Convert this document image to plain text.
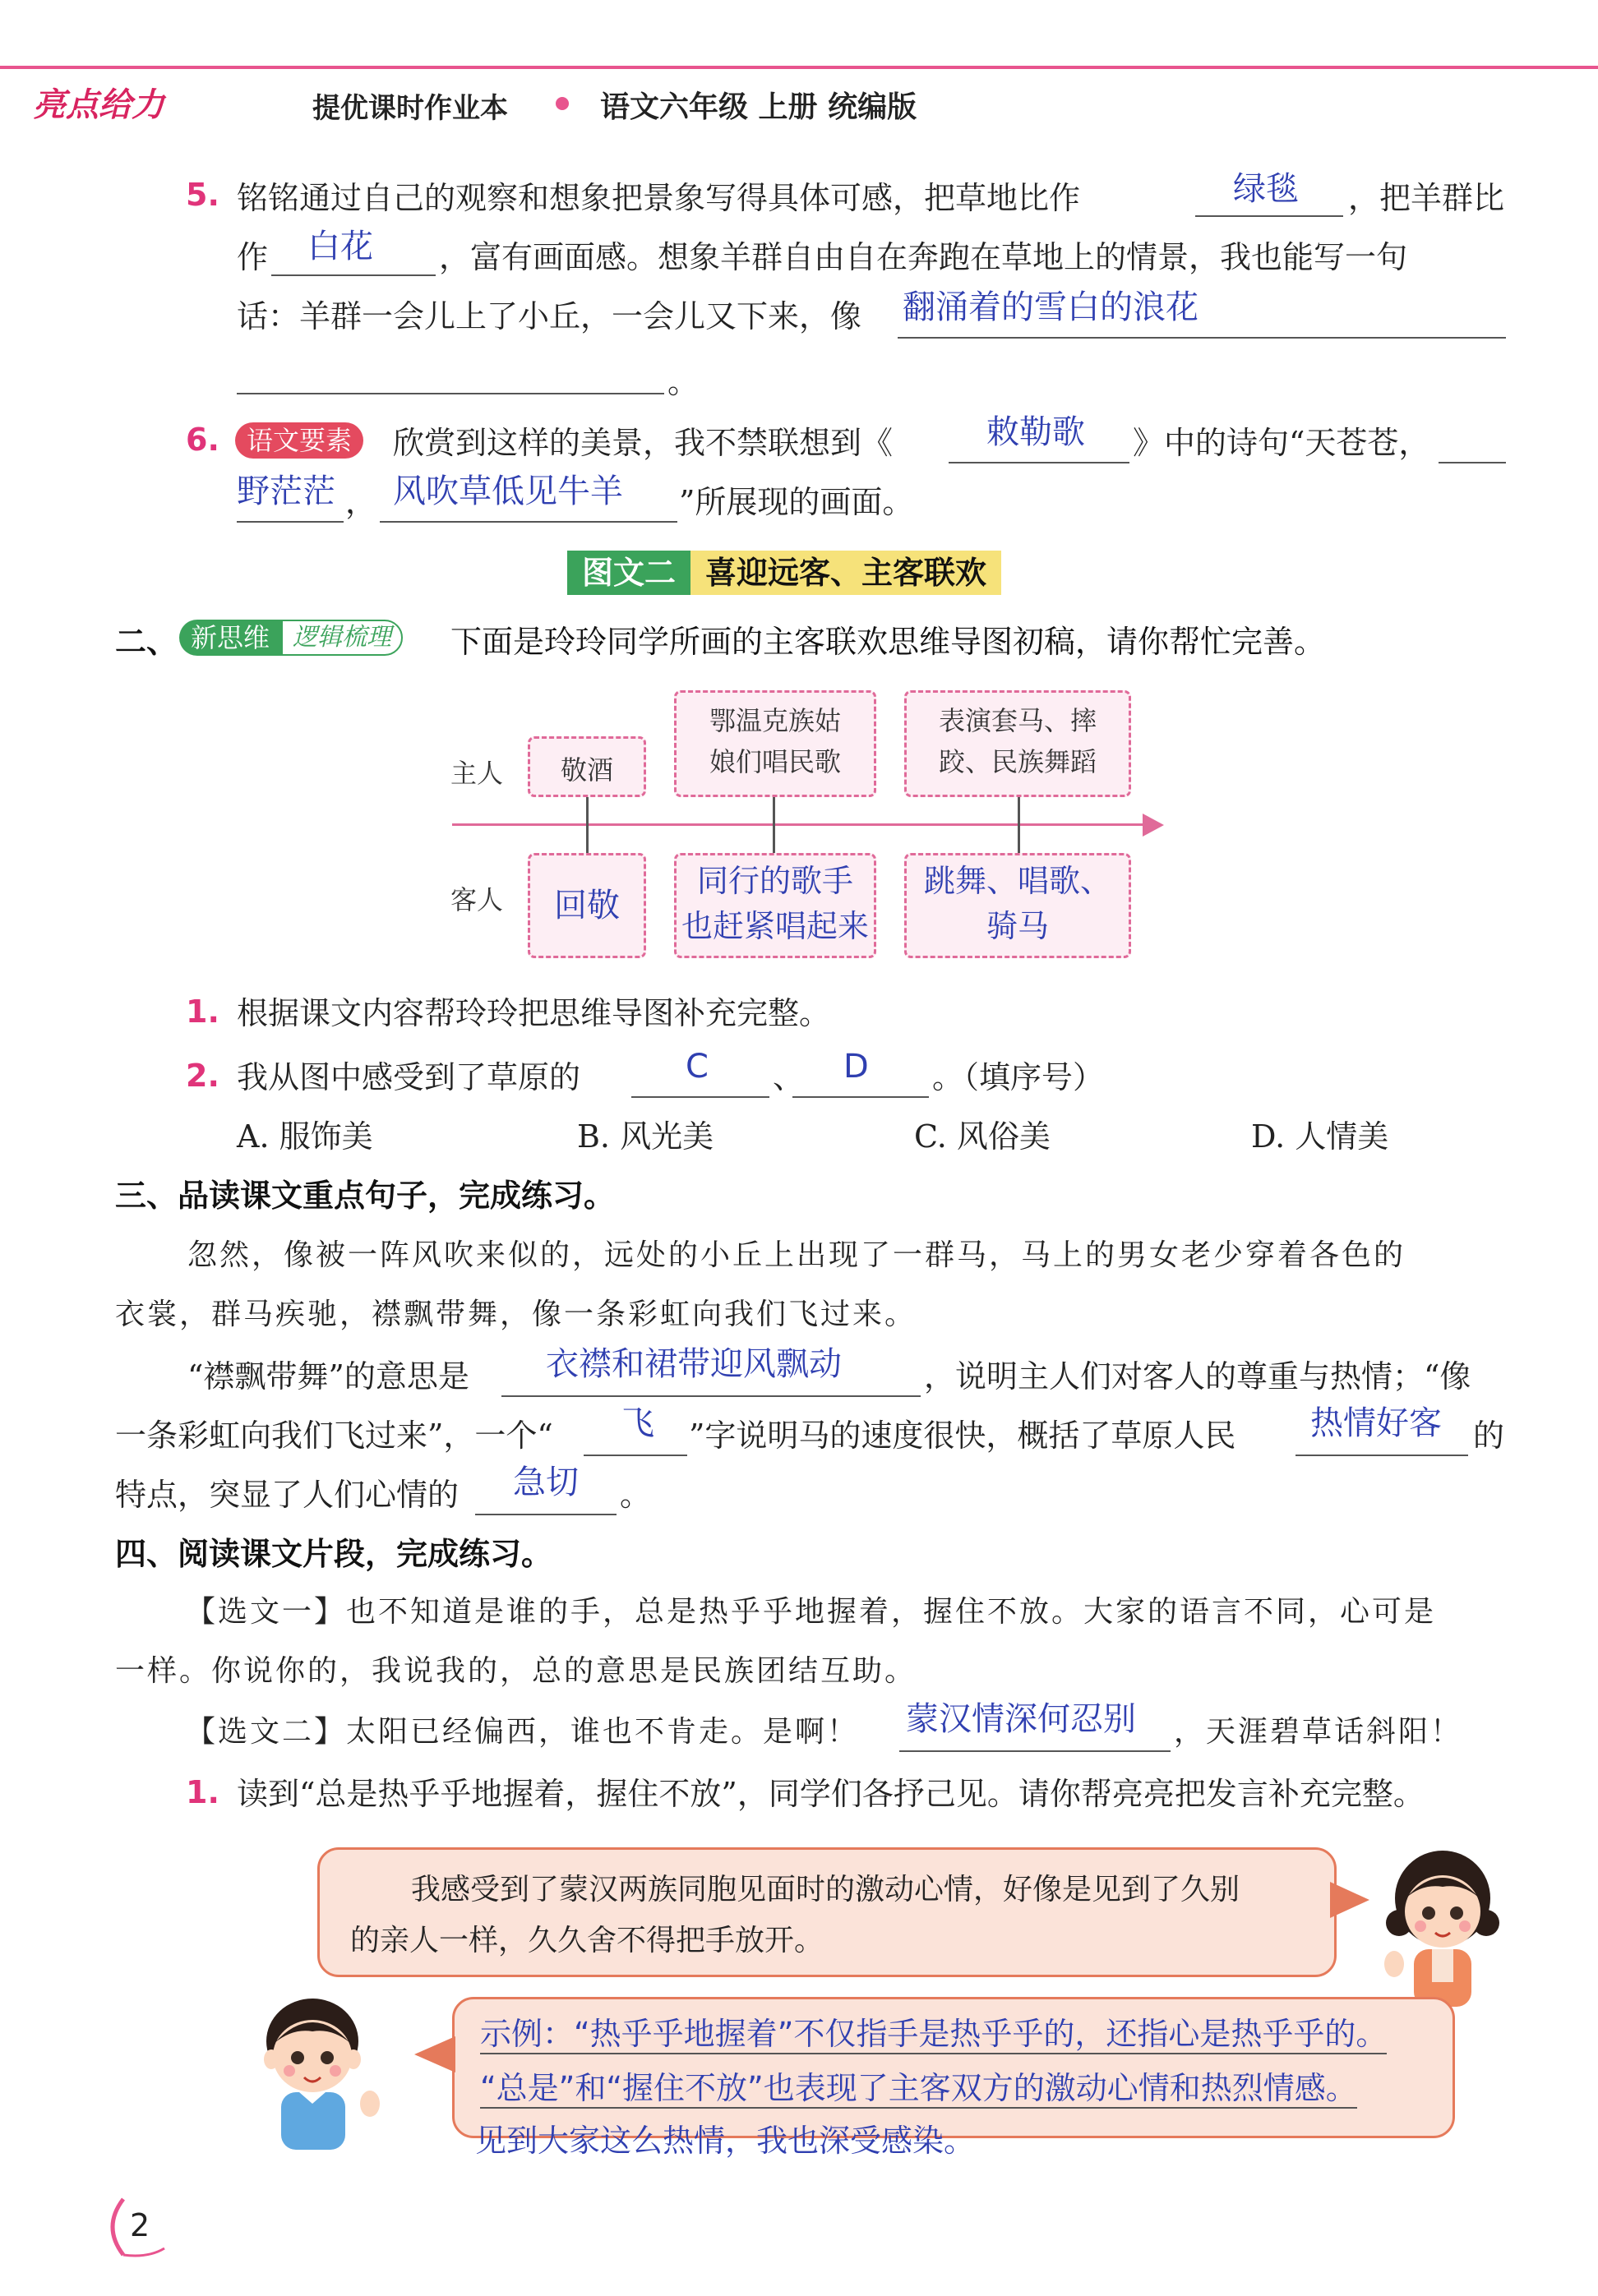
亮点给力	提优课时作业本	语文六年级 上册 统编版
5. 铭铭通过自己的观察和想象把景象写得具体可感，把草地比作	绿毯 ，把羊群比
作 白花 ，富有画面感。想象羊群自由自在奔跑在草地上的情景，我也能写一句
话：羊群一会儿上了小丘，一会儿又下来，像 翻涌着的雪白的浪花
。
6.	语文要素	欣赏到这样的美景，我不禁联想到《	敕勒歌 》中的诗句“天苍苍，
野茫茫 ， 风吹草低见牛羊 ”所展现的画面。
图文二 喜迎远客、主客联欢
二、 新思维 逻辑梳理	下面是玲玲同学所画的主客联欢思维导图初稿，请你帮忙完善。
主人
客人
敬酒
鄂温克族姑
娘们唱民歌
表演套马、摔
跤、民族舞蹈
回敬
同行的歌手
也赶紧唱起来
跳舞、唱歌、
骑马
1. 根据课文内容帮玲玲把思维导图补充完整。
2. 我从图中感受到了草原的	C 、 D 。（填序号）
A. 服饰美	B. 风光美	C. 风俗美	D. 人情美
三、品读课文重点句子，完成练习。
忽然，像被一阵风吹来似的，远处的小丘上出现了一群马，马上的男女老少穿着各色的
衣裳，群马疾驰，襟飘带舞，像一条彩虹向我们飞过来。
“襟飘带舞”的意思是 衣襟和裙带迎风飘动	，说明主人们对客人的尊重与热情；“像
一条彩虹向我们飞过来”，一个“ 飞 ”字说明马的速度很快，概括了草原人民 热情好客 的
特点，突显了人们心情的 急切 。
四、阅读课文片段，完成练习。
【选文一】也不知道是谁的手，总是热乎乎地握着，握住不放。大家的语言不同，心可是
一样。你说你的，我说我的，总的意思是民族团结互助。
【选文二】太阳已经偏西，谁也不肯走。是啊！ 蒙汉情深何忍别 ，天涯碧草话斜阳！
1. 读到“总是热乎乎地握着，握住不放”，同学们各抒己见。请你帮亮亮把发言补充完整。
我感受到了蒙汉两族同胞见面时的激动心情，好像是见到了久别
的亲人一样，久久舍不得把手放开。
示例：“热乎乎地握着”不仅指手是热乎乎的，还指心是热乎乎的。
“总是”和“握住不放”也表现了主客双方的激动心情和热烈情感。
见到大家这么热情，我也深受感染。
2
